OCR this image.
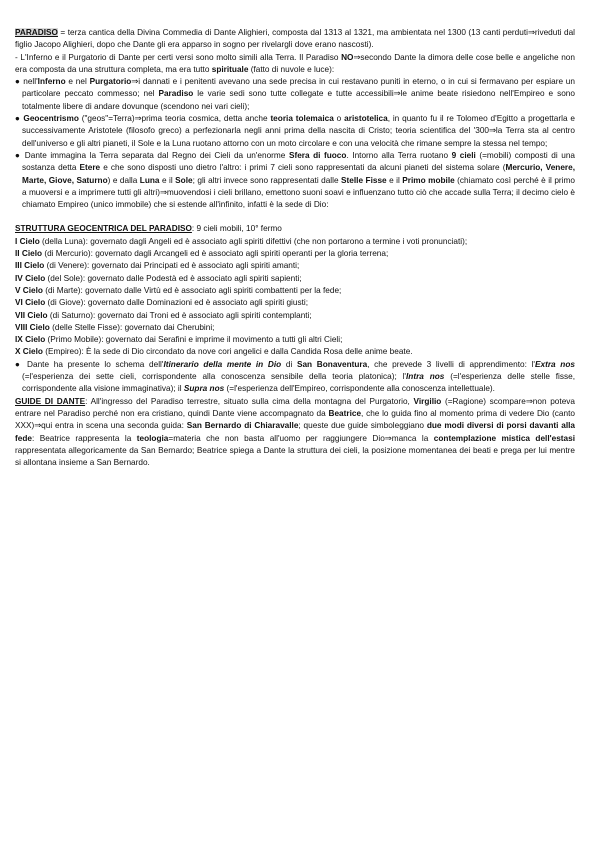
PARADISO = terza cantica della Divina Commedia di Dante Alighieri, composta dal 1313 al 1321, ma ambientata nel 1300 (13 canti perduti⇒riveduti dal figlio Jacopo Alighieri, dopo che Dante gli era apparso in sogno per rivelargli dove erano nascosti).

- L'Inferno e il Purgatorio di Dante per certi versi sono molto simili alla Terra. Il Paradiso NO⇒secondo Dante la dimora delle cose belle e angeliche non era composta da una struttura completa, ma era tutto spirituale (fatto di nuvole e luce):

● nell'Inferno e nel Purgatorio⇒i dannati e i penitenti avevano una sede precisa in cui restavano puniti in eterno, o in cui si fermavano per espiare un particolare peccato commesso; nel Paradiso le varie sedi sono tutte collegate e tutte accessibili⇒le anime beate risiedono nell'Empireo e sono totalmente libere di andare dovunque (scendono nei vari cieli);

● Geocentrismo ("geos"=Terra)⇒prima teoria cosmica, detta anche teoria tolemaica o aristotelica, in quanto fu il re Tolomeo d'Egitto a progettarla e successivamente Aristotele (filosofo greco) a perfezionarla negli anni prima della nascita di Cristo; teoria scientifica del '300⇒la Terra sta al centro dell'universo e gli altri pianeti, il Sole e la Luna ruotano attorno con un moto circolare e con una velocità che rimane sempre la stessa nel tempo;

● Dante immagina la Terra separata dal Regno dei Cieli da un'enorme Sfera di fuoco. Intorno alla Terra ruotano 9 cieli (=mobili) composti di una sostanza detta Etere e che sono disposti uno dietro l'altro: i primi 7 cieli sono rappresentati da alcuni pianeti del sistema solare (Mercurio, Venere, Marte, Giove, Saturno) e dalla Luna e il Sole; gli altri invece sono rappresentati dalle Stelle Fisse e il Primo mobile (chiamato così perché è il primo a muoversi e a imprimere tutti gli altri)⇒muovendosi i cieli brillano, emettono suoni soavi e influenzano tutto ciò che accade sulla Terra; il decimo cielo è chiamato Empireo (unico immobile) che si estende all'infinito, infatti è la sede di Dio:

STRUTTURA GEOCENTRICA DEL PARADISO: 9 cieli mobili, 10° fermo

I Cielo (della Luna): governato dagli Angeli ed è associato agli spiriti difettivi (che non portarono a termine i voti pronunciati);

II Cielo (di Mercurio): governato dagli Arcangeli ed è associato agli spiriti operanti per la gloria terrena;

III Cielo (di Venere): governato dai Principati ed è associato agli spiriti amanti;

IV Cielo (del Sole): governato dalle Podestà ed è associato agli spiriti sapienti;

V Cielo (di Marte): governato dalle Virtù ed è associato agli spiriti combattenti per la fede;

VI Cielo (di Giove): governato dalle Dominazioni ed è associato agli spiriti giusti;

VII Cielo (di Saturno): governato dai Troni ed è associato agli spiriti contemplanti;

VIII Cielo (delle Stelle Fisse): governato dai Cherubini;

IX Cielo (Primo Mobile): governato dai Serafini e imprime il movimento a tutti gli altri Cieli;

X Cielo (Empireo): È la sede di Dio circondato da nove cori angelici e dalla Candida Rosa delle anime beate.

● Dante ha presente lo schema dell'Itinerario della mente in Dio di San Bonaventura, che prevede 3 livelli di apprendimento: l'Extra nos (=l'esperienza dei sette cieli, corrispondente alla conoscenza sensibile della teoria platonica); l'Intra nos (=l'esperienza delle stelle fisse, corrispondente alla visione immaginativa); il Supra nos (=l'esperienza dell'Empireo, corrispondente alla conoscenza intellettuale).

GUIDE DI DANTE: All'ingresso del Paradiso terrestre, situato sulla cima della montagna del Purgatorio, Virgilio (=Ragione) scompare⇒non poteva entrare nel Paradiso perché non era cristiano, quindi Dante viene accompagnato da Beatrice, che lo guida fino al momento prima di vedere Dio (canto XXX)⇒qui entra in scena una seconda guida: San Bernardo di Chiaravalle; queste due guide simboleggiano due modi diversi di porsi davanti alla fede: Beatrice rappresenta la teologia=materia che non basta all'uomo per raggiungere Dio⇒manca la contemplazione mistica dell'estasi rappresentata allegoricamente da San Bernardo; Beatrice spiega a Dante la struttura dei cieli, la posizione momentanea dei beati e prega per lui mentre si allontana insieme a San Bernardo.
